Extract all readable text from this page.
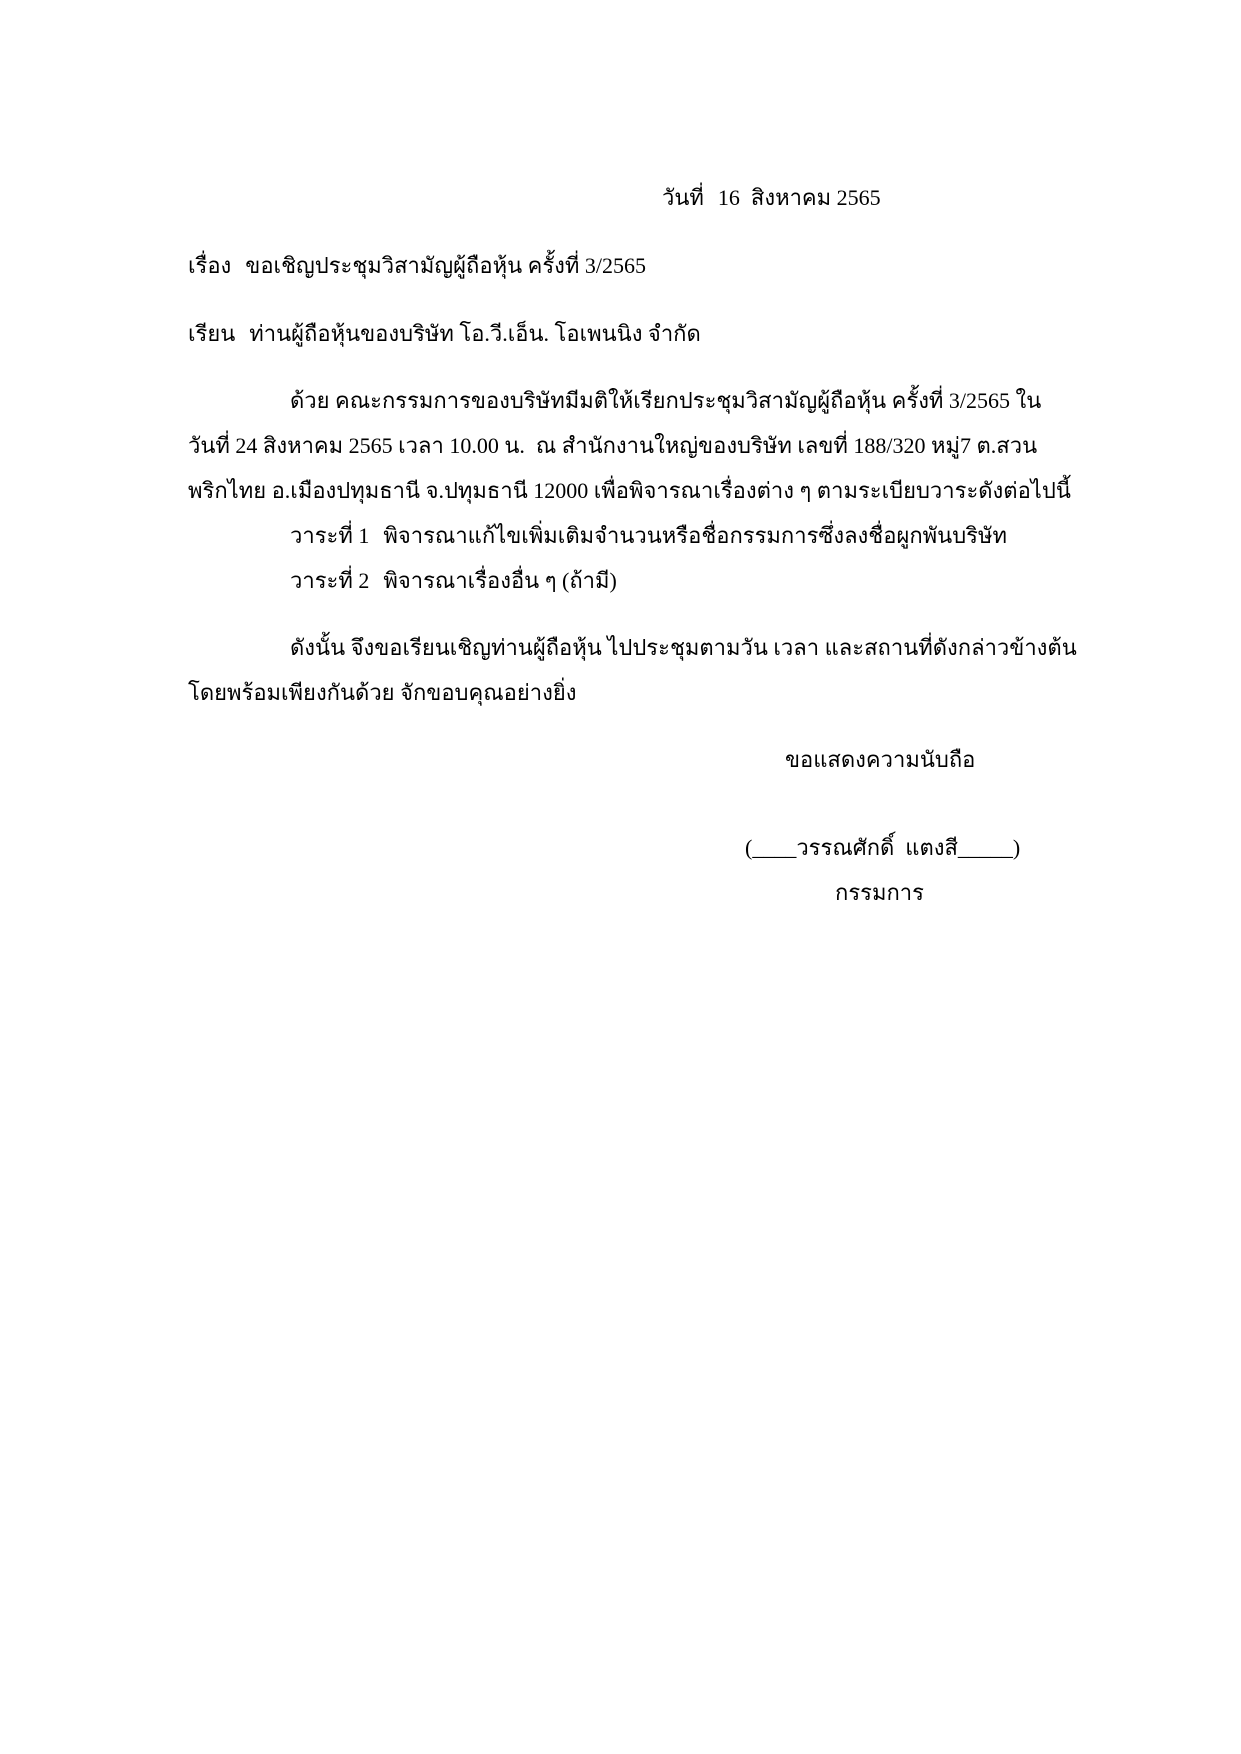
วันที่ 16  สิงหาคม 2565
เรื่อง ขอเชิญประชุมวิสามัญผู้ถือหุ้น ครั้งที่ 3/2565
เรียน ท่านผู้ถือหุ้นของบริษัท โอ.วี.เอ็น. โอเพนนิง จำกัด
ด้วย คณะกรรมการของบริษัทมีมติให้เรียกประชุมวิสามัญผู้ถือหุ้น ครั้งที่ 3/2565 ใน
วันที่ 24 สิงหาคม 2565 เวลา 10.00 น.  ณ สำนักงานใหญ่ของบริษัท เลขที่ 188/320 หมู่7 ต.สวน
พริกไทย อ.เมืองปทุมธานี จ.ปทุมธานี 12000 เพื่อพิจารณาเรื่องต่าง ๆ ตามระเบียบวาระดังต่อไปนี้
วาระที่ 1 พิจารณาแก้ไขเพิ่มเติมจำนวนหรือชื่อกรรมการซึ่งลงชื่อผูกพันบริษัท
วาระที่ 2 พิจารณาเรื่องอื่น ๆ (ถ้ามี)
ดังนั้น จึงขอเรียนเชิญท่านผู้ถือหุ้น ไปประชุมตามวัน เวลา และสถานที่ดังกล่าวข้างต้น
โดยพร้อมเพียงกันด้วย จักขอบคุณอย่างยิ่ง
ขอแสดงความนับถือ
(____วรรณศักดิ์  แตงสี_____)
กรรมการ
